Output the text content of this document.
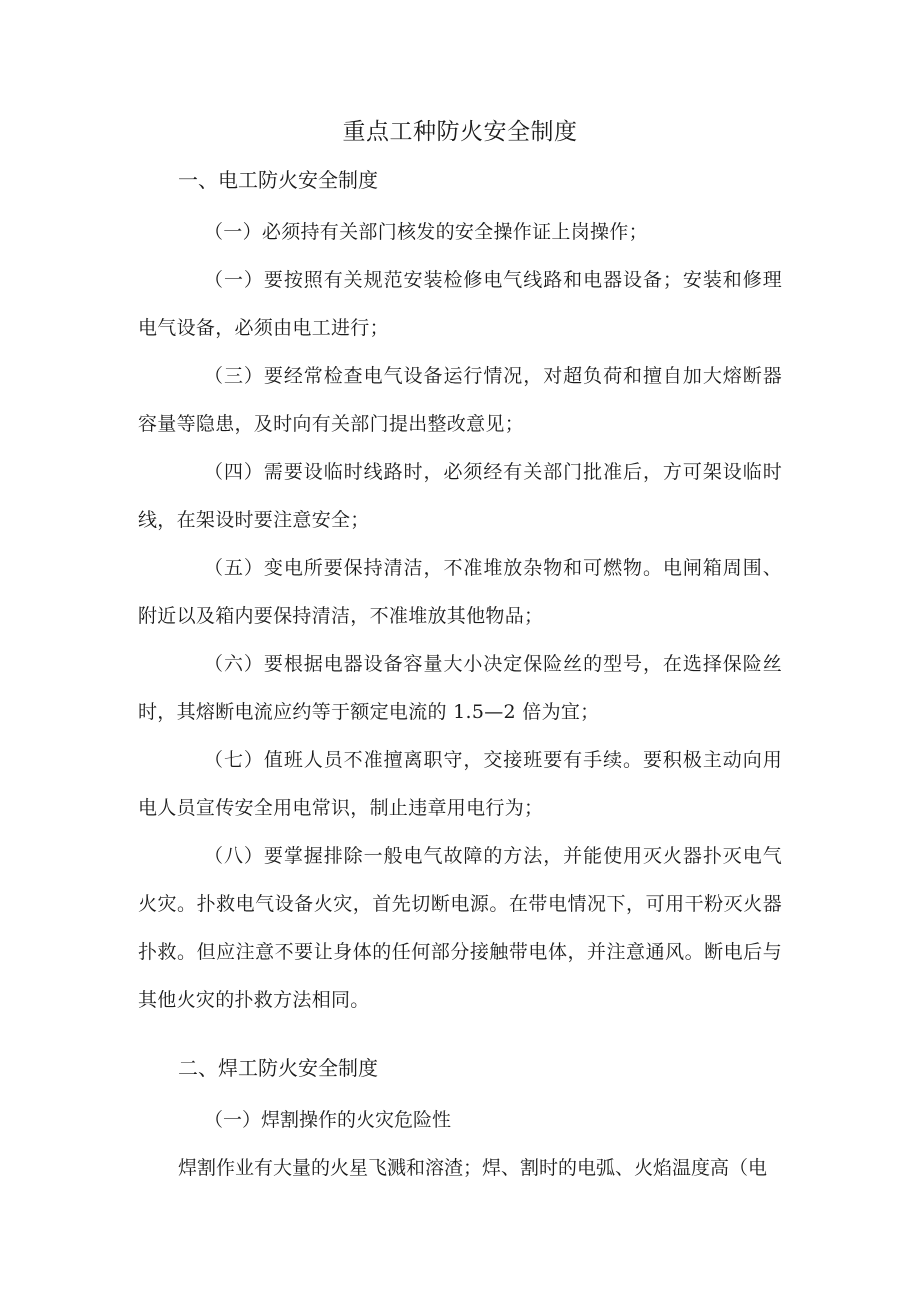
重点工种防火安全制度
一、电工防火安全制度

（一）必须持有关部门核发的安全操作证上岗操作；

（一）要按照有关规范安装检修电气线路和电器设备；安装和修理电气设备，必须由电工进行；

（三）要经常检查电气设备运行情况，对超负荷和擅自加大熔断器容量等隐患，及时向有关部门提出整改意见；

（四）需要设临时线路时，必须经有关部门批准后，方可架设临时线，在架设时要注意安全；

（五）变电所要保持清洁，不准堆放杂物和可燃物。电闸箱周围、附近以及箱内要保持清洁，不准堆放其他物品；

（六）要根据电器设备容量大小决定保险丝的型号，在选择保险丝时，其熔断电流应约等于额定电流的 1.5—2 倍为宜；

（七）值班人员不准擅离职守，交接班要有手续。要积极主动向用电人员宣传安全用电常识，制止违章用电行为；

（八）要掌握排除一般电气故障的方法，并能使用灭火器扑灭电气火灾。扑救电气设备火灾，首先切断电源。在带电情况下，可用干粉灭火器扑救。但应注意不要让身体的任何部分接触带电体，并注意通风。断电后与其他火灾的扑救方法相同。

二、焊工防火安全制度

（一）焊割操作的火灾危险性

焊割作业有大量的火星飞溅和溶渣；焊、割时的电弧、火焰温度高（电
